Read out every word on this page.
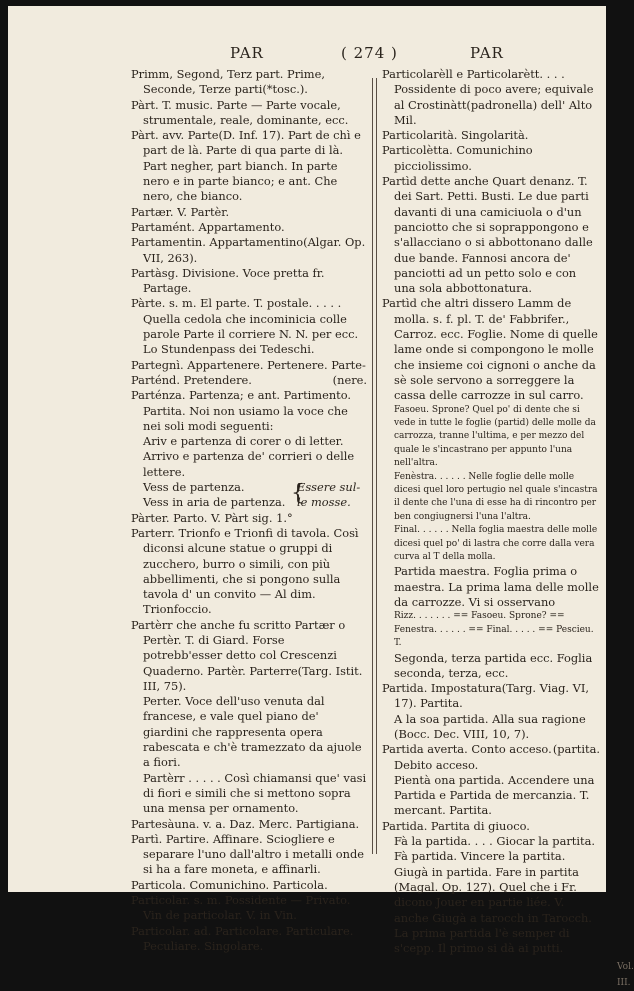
PAR	( 274 )	PAR

Primm, Segond, Terz part. Prime, Seconde, Terze parti(*tosc.).

Pàrt. T. music. Parte — Parte vocale, strumentale, reale, dominante, ecc.

Pàrt. avv. Parte(D. Inf. 17). Part de chì e part de là. Parte di qua parte di là. Part negher, part bianch. In parte nero e in parte bianco; e ant. Che nero, che bianco.

Partær. V. Partèr.

Partamént. Appartamento.

Partamentin. Appartamentino(Algar. Op. VII, 263).

Partàsg. Divisione. Voce pretta fr. Partage.

Pàrte. s. m. El parte. T. postale. . . . . Quella cedola che incominicia colle parole Parte il corriere N. N. per ecc. Lo Stundenpass dei Tedeschi.

Partegnì. Appartenere. Pertenere. Parte-

(nere.
Parténd. Pretendere.

Parténza. Partenza; e ant. Partimento. Partita. Noi non usiamo la voce che nei soli modi seguenti:

Ariv e partenza di corer o di letter. Arrivo e partenza de' corrieri o delle lettere.

Vess de partenza.
Vess in aria de partenza. {
Essere sul- le mosse.

Pàrter. Parto. V. Pàrt sig. 1.°

Parterr. Trionfo e Trionfi di tavola. Così diconsi alcune statue o gruppi di zucchero, burro o simili, con più abbellimenti, che si pongono sulla tavola d' un convito — Al dim. Trionfoccio.

Partèrr che anche fu scritto Partær o Pertèr. T. di Giard. Forse potrebb'esser detto col Crescenzi Quaderno. Partèr. Parterre(Targ. Istit. III, 75).

Perter. Voce dell'uso venuta dal francese, e vale quel piano de' giardini che rappresenta opera rabescata e ch'è tramezzato da ajuole a fiori.

Partèrr . . . . . Così chiamansi que' vasi di fiori e simili che si mettono sopra una mensa per ornamento.

Partesàuna. v. a. Daz. Merc. Partigiana.

Partì. Partire. Affinare. Sciogliere e separare l'uno dall'altro i metalli onde si ha a fare moneta, e affinarli.

Particola. Comunichino. Particola.

Particolar. s. m. Possidente — Privato.

Vin de particolar. V. in Vin.

Particolar. ad. Particolare. Particulare. Peculiare. Singolare.

Particolarèll e Particolarètt. . . . Possidente di poco avere; equivale al Crostinàtt(padronella) dell' Alto Mil.

Particolarità. Singolarità.

Particolètta. Comunichino picciolissimo.

Partìd dette anche Quart denanz. T. dei Sart. Petti. Busti. Le due parti davanti di una camiciuola o d'un panciotto che si soprappongono e s'allacciano o si abbottonano dalle due bande. Fannosi ancora de' panciotti ad un petto solo e con una sola abbottonatura.

Partìd che altri dissero Lamm de molla. s. f. pl. T. de' Fabbrifer., Carroz. ecc. Foglie. Nome di quelle lame onde si compongono le molle che insieme coi cignoni o anche da sè sole servono a sorreggere la cassa delle carrozze in sul carro.

Fasoeu. Sprone? Quel po' di dente che si vede in tutte le foglie (partid) delle molle da carrozza, tranne l'ultima, e per mezzo del quale le s'incastrano per appunto l'una nell'altra.

Fenèstra. . . . . . Nelle foglie delle molle dicesi quel loro pertugio nel quale s'incastra il dente che l'una di esse ha di rincontro per ben congiugnersi l'una l'altra.

Final. . . . . . Nella foglia maestra delle molle dicesi quel po' di lastra che corre dalla vera curva al T della molla.

Partida maestra. Foglia prima o maestra. La prima lama delle molle da carrozze. Vi si osservano

Rizz. . . . . . . == Fasoeu. Sprone? == Fenestra. . . . . . == Final. . . . . == Pescieu. T.

Segonda, terza partida ecc. Foglia seconda, terza, ecc.

Partida. Impostatura(Targ. Viag. VI, 17). Partita.

A la soa partida. Alla sua ragione (Bocc. Dec. VIII, 10, 7).

(partita.
Partida averta. Conto acceso. Debito acceso.

Pientà ona partida. Accendere una Partida e Partida de mercanzia. T. mercant. Partita.

Partida. Partita di giuoco.

Fà la partida. . . . Giocar la partita. Fà partida. Vincere la partita.

Giugà in partida. Fare in partita (Magal. Op. 127). Quel che i Fr. dicono Jouer en partie liée. V. anche Giugà a tarocch in Tarocch.

La prima partida l'è semper di s'cepp. Il primo si dà ai putti.

Vol. III.
